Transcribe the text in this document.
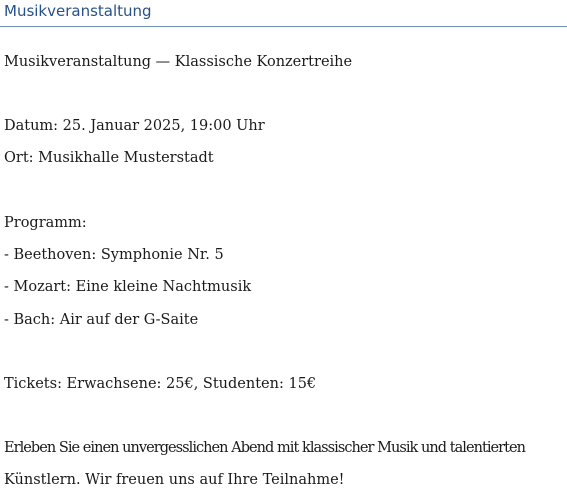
Musikveranstaltung
Musikveranstaltung — Klassische Konzertreihe
Datum: 25. Januar 2025, 19:00 Uhr
Ort: Musikhalle Musterstadt
Programm:
- Beethoven: Symphonie Nr. 5
- Mozart: Eine kleine Nachtmusik
- Bach: Air auf der G-Saite
Tickets: Erwachsene: 25€, Studenten: 15€
Erleben Sie einen unvergesslichen Abend mit klassischer Musik und talentierten
Künstlern. Wir freuen uns auf Ihre Teilnahme!
